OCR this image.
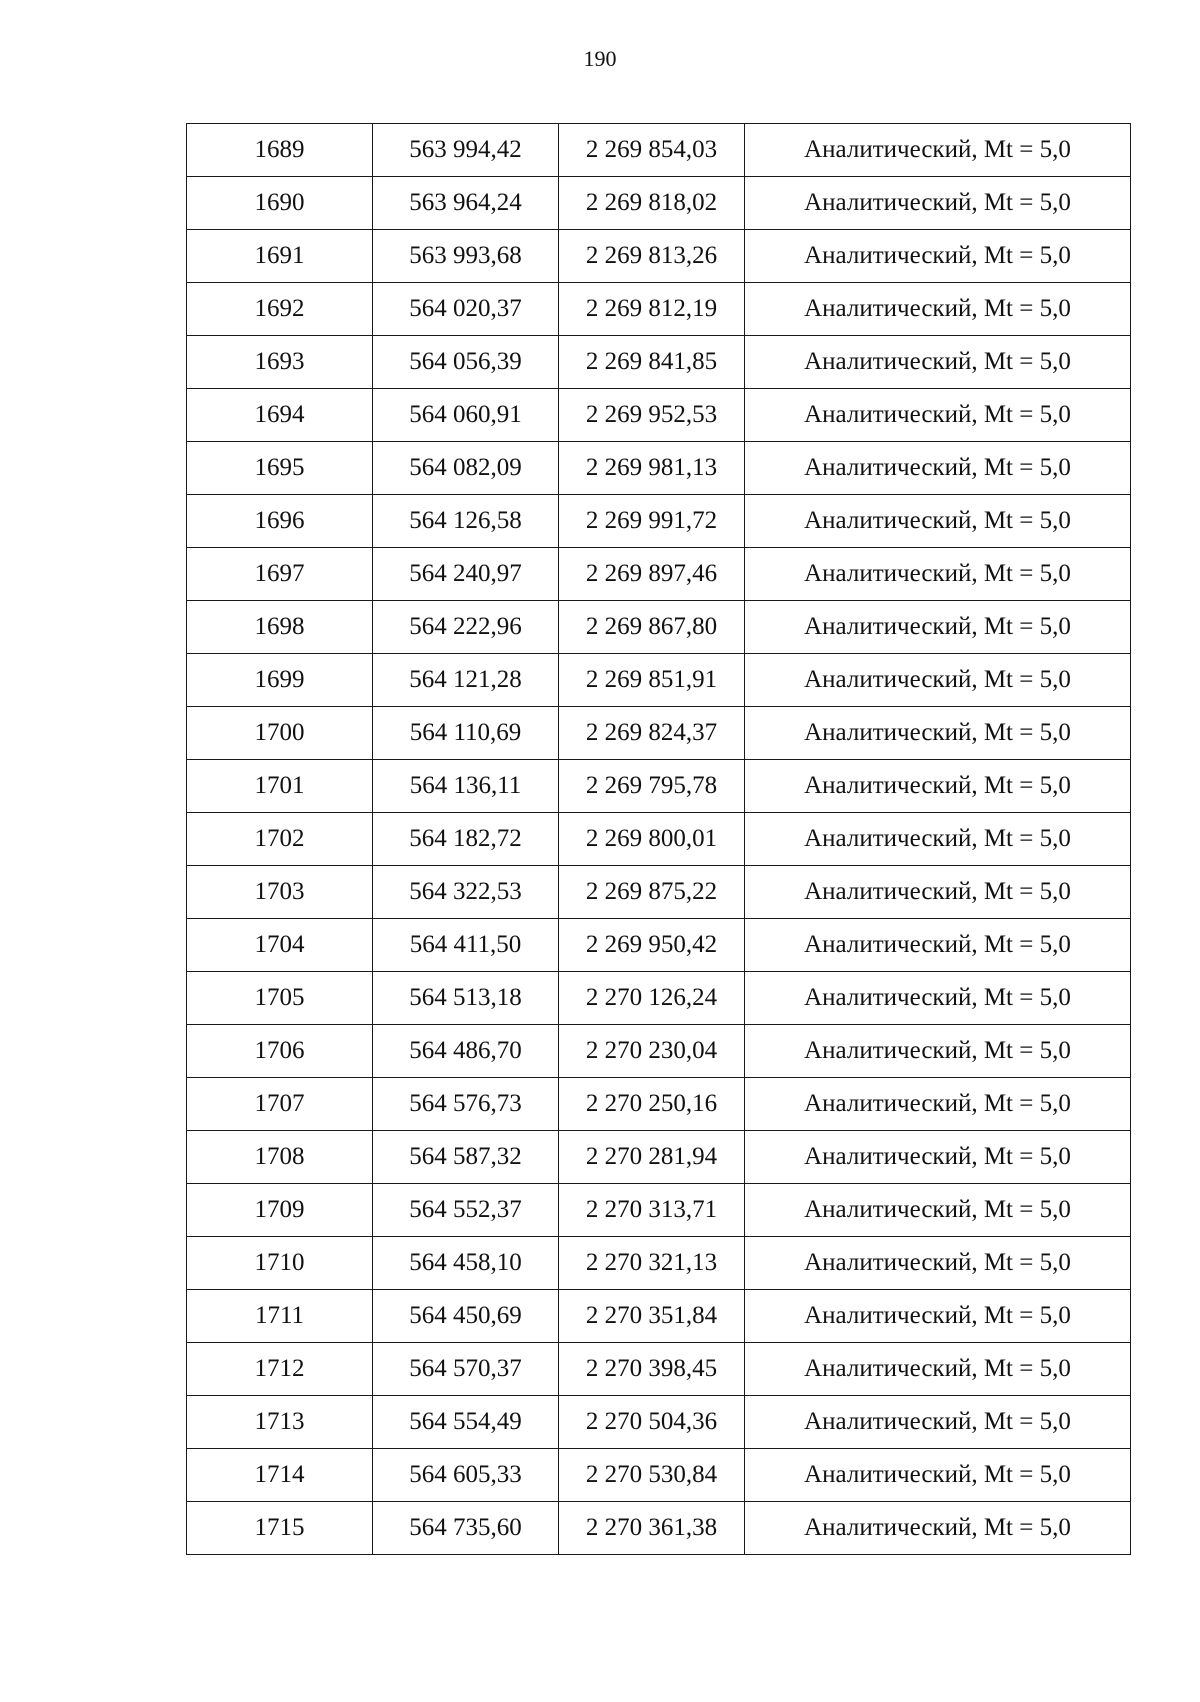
190
1689	563 994,42	2 269 854,03	Аналитический, Mt = 5,0
1690	563 964,24	2 269 818,02	Аналитический, Mt = 5,0
1691	563 993,68	2 269 813,26	Аналитический, Mt = 5,0
1692	564 020,37	2 269 812,19	Аналитический, Mt = 5,0
1693	564 056,39	2 269 841,85	Аналитический, Mt = 5,0
1694	564 060,91	2 269 952,53	Аналитический, Mt = 5,0
1695	564 082,09	2 269 981,13	Аналитический, Mt = 5,0
1696	564 126,58	2 269 991,72	Аналитический, Mt = 5,0
1697	564 240,97	2 269 897,46	Аналитический, Mt = 5,0
1698	564 222,96	2 269 867,80	Аналитический, Mt = 5,0
1699	564 121,28	2 269 851,91	Аналитический, Mt = 5,0
1700	564 110,69	2 269 824,37	Аналитический, Mt = 5,0
1701	564 136,11	2 269 795,78	Аналитический, Mt = 5,0
1702	564 182,72	2 269 800,01	Аналитический, Mt = 5,0
1703	564 322,53	2 269 875,22	Аналитический, Mt = 5,0
1704	564 411,50	2 269 950,42	Аналитический, Mt = 5,0
1705	564 513,18	2 270 126,24	Аналитический, Mt = 5,0
1706	564 486,70	2 270 230,04	Аналитический, Mt = 5,0
1707	564 576,73	2 270 250,16	Аналитический, Mt = 5,0
1708	564 587,32	2 270 281,94	Аналитический, Mt = 5,0
1709	564 552,37	2 270 313,71	Аналитический, Mt = 5,0
1710	564 458,10	2 270 321,13	Аналитический, Mt = 5,0
1711	564 450,69	2 270 351,84	Аналитический, Mt = 5,0
1712	564 570,37	2 270 398,45	Аналитический, Mt = 5,0
1713	564 554,49	2 270 504,36	Аналитический, Mt = 5,0
1714	564 605,33	2 270 530,84	Аналитический, Mt = 5,0
1715	564 735,60	2 270 361,38	Аналитический, Mt = 5,0
